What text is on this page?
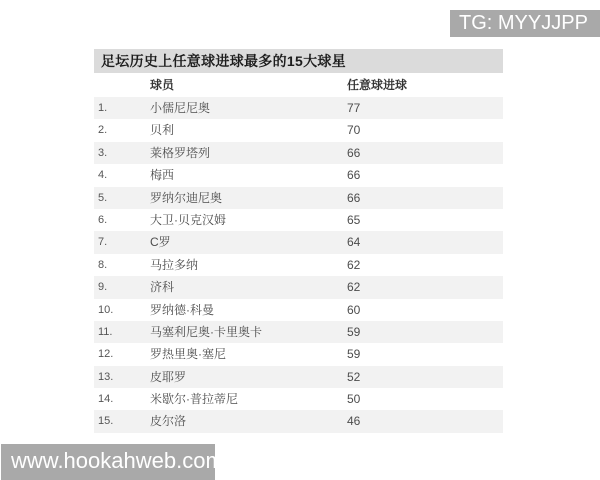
TG: MYYJJPP
足坛历史上任意球进球最多的15大球星
球员	任意球进球
1.	小儒尼尼奥	77
2.	贝利	70
3.	莱格罗塔列	66
4.	梅西	66
5.	罗纳尔迪尼奥	66
6.	大卫·贝克汉姆	65
7.	C罗	64
8.	马拉多纳	62
9.	济科	62
10.	罗纳德·科曼	60
11.	马塞利尼奥·卡里奥卡	59
12.	罗热里奥·塞尼	59
13.	皮耶罗	52
14.	米歇尔·普拉蒂尼	50
15.	皮尔洛	46
www.hookahweb.com
